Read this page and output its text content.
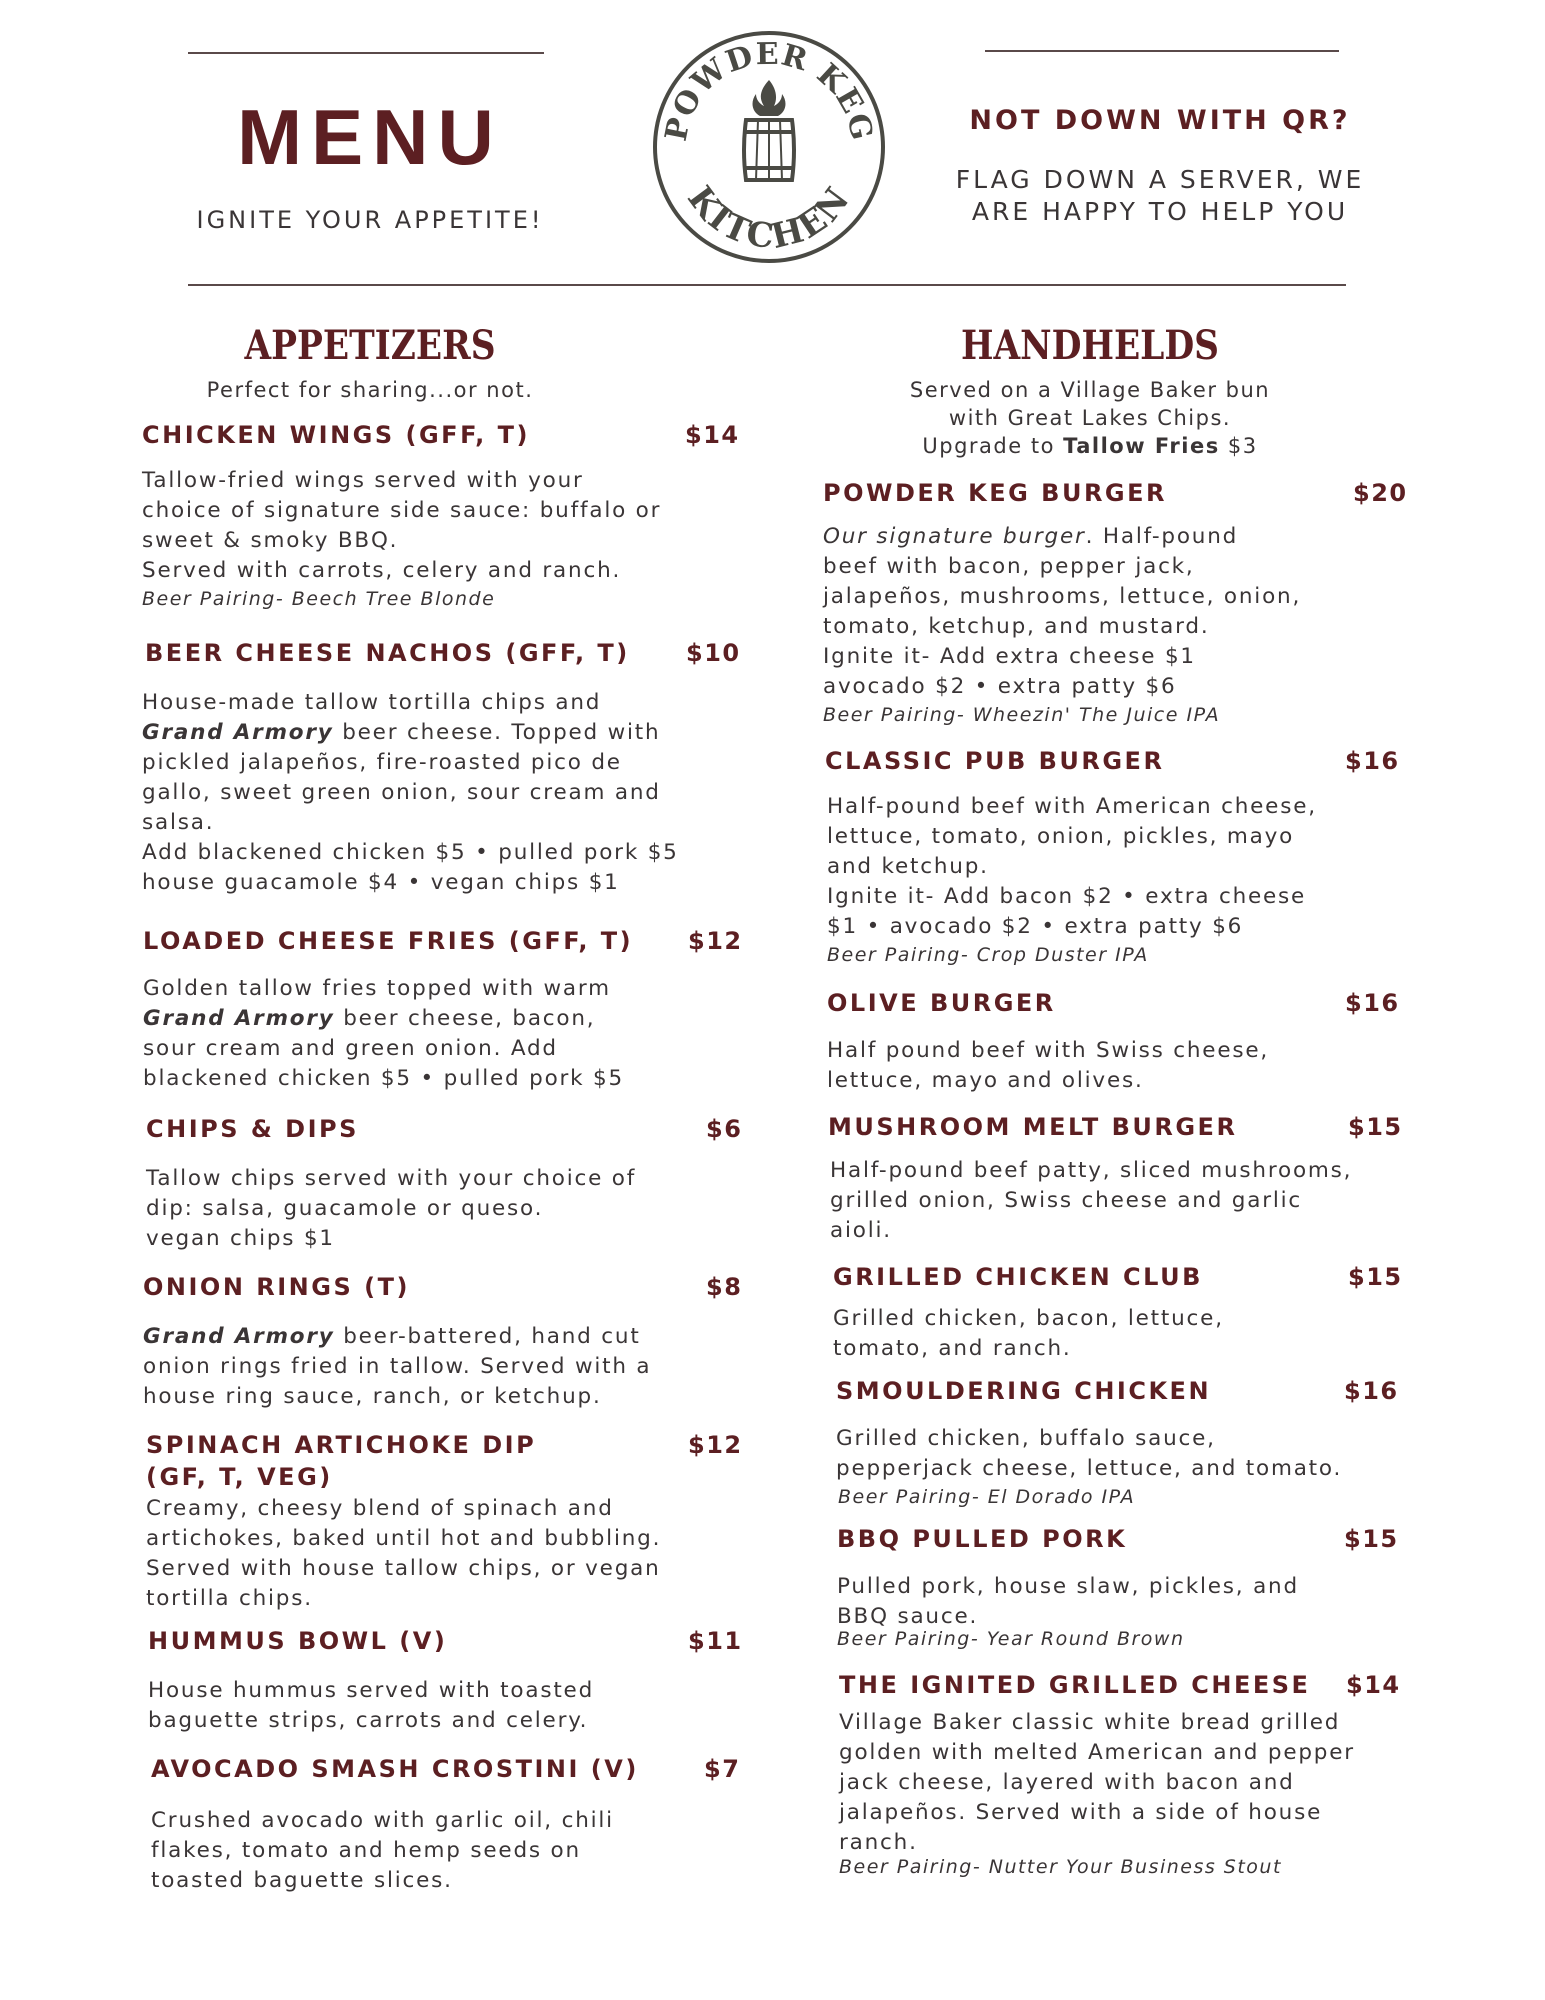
MENU
IGNITE YOUR APPETITE!
POWDER KEG
KITCHEN
NOT DOWN WITH QR?
FLAG DOWN A SERVER, WE
ARE HAPPY TO HELP YOU
APPETIZERS
Perfect for sharing...or not.
CHICKEN WINGS (GFF, T)	$14
Tallow-fried wings served with your
choice of signature side sauce: buffalo or
sweet & smoky BBQ.
Served with carrots, celery and ranch.
Beer Pairing- Beech Tree Blonde
BEER CHEESE NACHOS (GFF, T) $10
House-made tallow tortilla chips and
Grand Armory beer cheese. Topped with
pickled jalapeños, fire-roasted pico de
gallo, sweet green onion, sour cream and
salsa.
Add blackened chicken $5 • pulled pork $5
house guacamole $4 • vegan chips $1
LOADED CHEESE FRIES (GFF, T) $12
Golden tallow fries topped with warm
Grand Armory beer cheese, bacon,
sour cream and green onion. Add
blackened chicken $5 • pulled pork $5
CHIPS & DIPS	$6
Tallow chips served with your choice of
dip: salsa, guacamole or queso.
vegan chips $1
ONION RINGS (T)	$8
Grand Armory beer-battered, hand cut
onion rings fried in tallow. Served with a
house ring sauce, ranch, or ketchup.
SPINACH ARTICHOKE DIP
(GF, T, VEG)
$12
Creamy, cheesy blend of spinach and
artichokes, baked until hot and bubbling.
Served with house tallow chips, or vegan
tortilla chips.
HUMMUS BOWL (V)	$11
House hummus served with toasted
baguette strips, carrots and celery.
AVOCADO SMASH CROSTINI (V)	$7
Crushed avocado with garlic oil, chili
flakes, tomato and hemp seeds on
toasted baguette slices.
HANDHELDS
Served on a Village Baker bun
with Great Lakes Chips.
Upgrade to Tallow Fries $3
POWDER KEG BURGER	$20
Our signature burger. Half-pound
beef with bacon, pepper jack,
jalapeños, mushrooms, lettuce, onion,
tomato, ketchup, and mustard.
Ignite it- Add extra cheese $1
avocado $2 • extra patty $6
Beer Pairing- Wheezin' The Juice IPA
CLASSIC PUB BURGER	$16
Half-pound beef with American cheese,
lettuce, tomato, onion, pickles, mayo
and ketchup.
Ignite it- Add bacon $2 • extra cheese
$1 • avocado $2 • extra patty $6
Beer Pairing- Crop Duster IPA
OLIVE BURGER	$16
Half pound beef with Swiss cheese,
lettuce, mayo and olives.
MUSHROOM MELT BURGER	$15
Half-pound beef patty, sliced mushrooms,
grilled onion, Swiss cheese and garlic
aioli.
GRILLED CHICKEN CLUB	$15
Grilled chicken, bacon, lettuce,
tomato, and ranch.
SMOULDERING CHICKEN	$16
Grilled chicken, buffalo sauce,
pepperjack cheese, lettuce, and tomato.
Beer Pairing- El Dorado IPA
BBQ PULLED PORK	$15
Pulled pork, house slaw, pickles, and
BBQ sauce.
Beer Pairing- Year Round Brown
THE IGNITED GRILLED CHEESE $14
Village Baker classic white bread grilled
golden with melted American and pepper
jack cheese, layered with bacon and
jalapeños. Served with a side of house
ranch.
Beer Pairing- Nutter Your Business Stout
